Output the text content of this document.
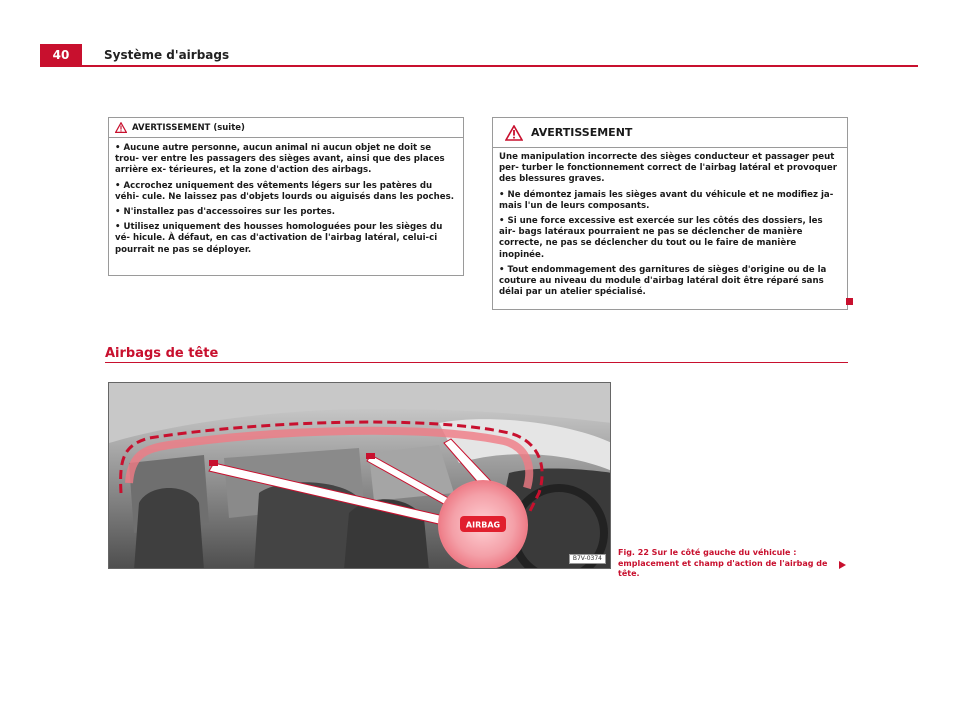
40	Système d'airbags
AVERTISSEMENT (suite)

• Aucune autre personne, aucun animal ni aucun objet ne doit se trou- ver entre les passagers des sièges avant, ainsi que des places arrière ex- térieures, et la zone d'action des airbags.

• Accrochez uniquement des vêtements légers sur les patères du véhi- cule. Ne laissez pas d'objets lourds ou aiguisés dans les poches.

• N'installez pas d'accessoires sur les portes.

• Utilisez uniquement des housses homologuées pour les sièges du vé- hicule. À défaut, en cas d'activation de l'airbag latéral, celui-ci pourrait ne pas se déployer.

AVERTISSEMENT

Une manipulation incorrecte des sièges conducteur et passager peut per- turber le fonctionnement correct de l'airbag latéral et provoquer des blessures graves.

• Ne démontez jamais les sièges avant du véhicule et ne modifiez ja- mais l'un de leurs composants.

• Si une force excessive est exercée sur les côtés des dossiers, les air- bags latéraux pourraient ne pas se déclencher de manière correcte, ne pas se déclencher du tout ou le faire de manière inopinée.

• Tout endommagement des garnitures de sièges d'origine ou de la couture au niveau du module d'airbag latéral doit être réparé sans délai par un atelier spécialisé.

Airbags de tête
AIRBAG
B7V-0374
Fig. 22 Sur le côté gauche du véhicule : emplacement et champ d'action de l'airbag de tête.
